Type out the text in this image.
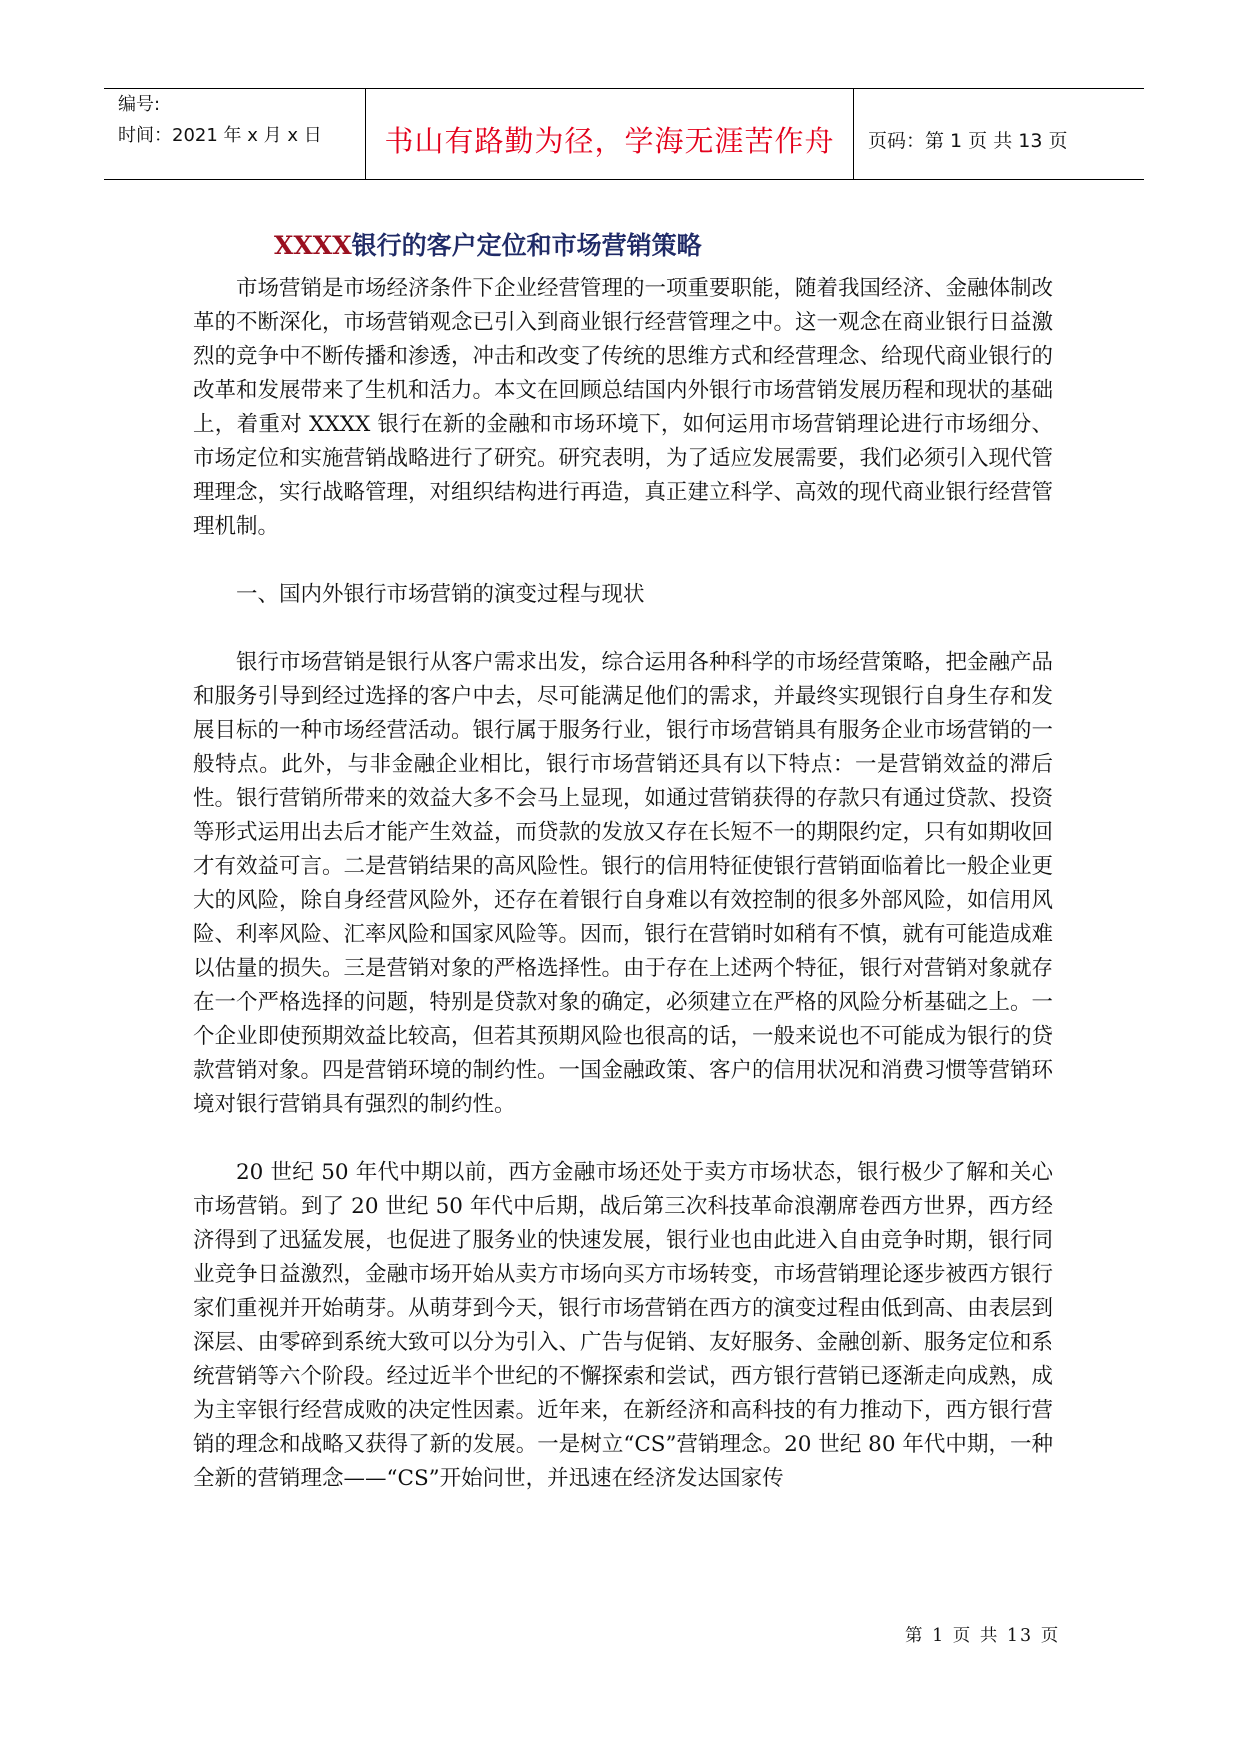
编号:
时间：2021 年 x 月 x 日	书山有路勤为径，学海无涯苦作舟 页码：第 1 页 共 13 页
XXXX银行的客户定位和市场营销策略

市场营销是市场经济条件下企业经营管理的一项重要职能，随着我国经济、金融体制改革的不断深化，市场营销观念已引入到商业银行经营管理之中。这一观念在商业银行日益激烈的竞争中不断传播和渗透，冲击和改变了传统的思维方式和经营理念、给现代商业银行的改革和发展带来了生机和活力。本文在回顾总结国内外银行市场营销发展历程和现状的基础上，着重对 XXXX 银行在新的金融和市场环境下，如何运用市场营销理论进行市场细分、市场定位和实施营销战略进行了研究。研究表明，为了适应发展需要，我们必须引入现代管理理念，实行战略管理，对组织结构进行再造，真正建立科学、高效的现代商业银行经营管理机制。

一、国内外银行市场营销的演变过程与现状

银行市场营销是银行从客户需求出发，综合运用各种科学的市场经营策略，把金融产品和服务引导到经过选择的客户中去，尽可能满足他们的需求，并最终实现银行自身生存和发展目标的一种市场经营活动。银行属于服务行业，银行市场营销具有服务企业市场营销的一般特点。此外，与非金融企业相比，银行市场营销还具有以下特点：一是营销效益的滞后性。银行营销所带来的效益大多不会马上显现，如通过营销获得的存款只有通过贷款、投资等形式运用出去后才能产生效益，而贷款的发放又存在长短不一的期限约定，只有如期收回才有效益可言。二是营销结果的高风险性。银行的信用特征使银行营销面临着比一般企业更大的风险，除自身经营风险外，还存在着银行自身难以有效控制的很多外部风险，如信用风险、利率风险、汇率风险和国家风险等。因而，银行在营销时如稍有不慎，就有可能造成难以估量的损失。三是营销对象的严格选择性。由于存在上述两个特征，银行对营销对象就存在一个严格选择的问题，特别是贷款对象的确定，必须建立在严格的风险分析基础之上。一个企业即使预期效益比较高，但若其预期风险也很高的话，一般来说也不可能成为银行的贷款营销对象。四是营销环境的制约性。一国金融政策、客户的信用状况和消费习惯等营销环境对银行营销具有强烈的制约性。

20 世纪 50 年代中期以前，西方金融市场还处于卖方市场状态，银行极少了解和关心市场营销。到了 20 世纪 50 年代中后期，战后第三次科技革命浪潮席卷西方世界，西方经济得到了迅猛发展，也促进了服务业的快速发展，银行业也由此进入自由竞争时期，银行同业竞争日益激烈，金融市场开始从卖方市场向买方市场转变，市场营销理论逐步被西方银行家们重视并开始萌芽。从萌芽到今天，银行市场营销在西方的演变过程由低到高、由表层到深层、由零碎到系统大致可以分为引入、广告与促销、友好服务、金融创新、服务定位和系统营销等六个阶段。经过近半个世纪的不懈探索和尝试，西方银行营销已逐渐走向成熟，成为主宰银行经营成败的决定性因素。近年来，在新经济和高科技的有力推动下，西方银行营销的理念和战略又获得了新的发展。一是树立“CS”营销理念。20 世纪 80 年代中期，一种全新的营销理念——“CS”开始问世，并迅速在经济发达国家传

第 1 页 共 13 页
